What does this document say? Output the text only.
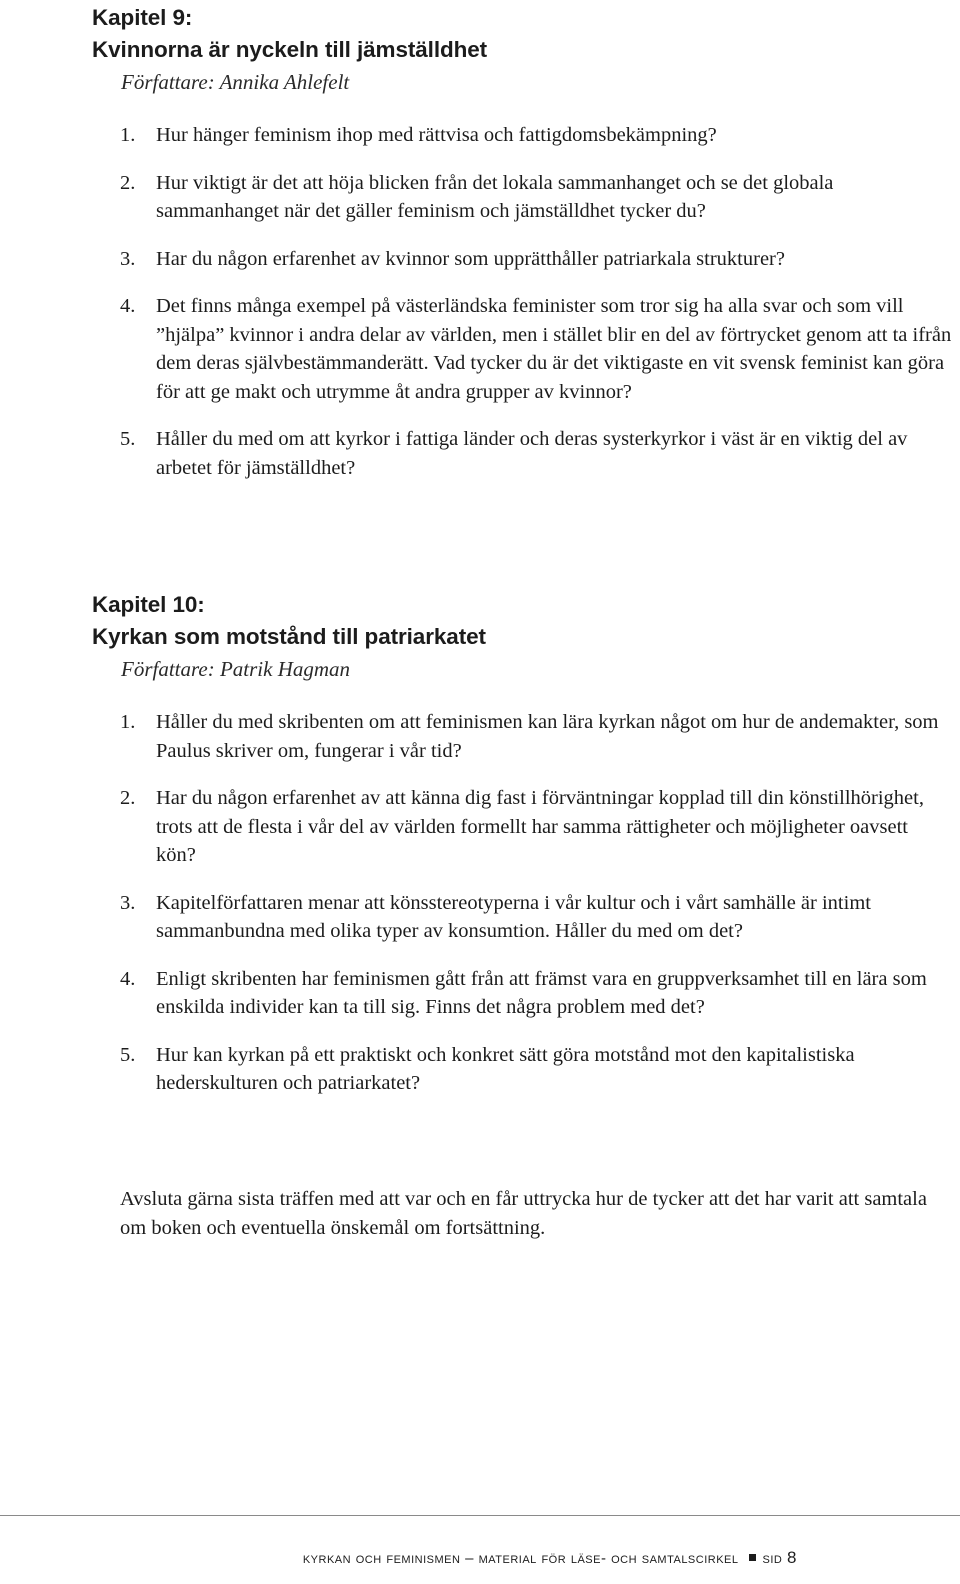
Kapitel 9:
Kvinnorna är nyckeln till jämställdhet
Författare: Annika Ahlefelt
1. Hur hänger feminism ihop med rättvisa och fattigdomsbekämpning?
2. Hur viktigt är det att höja blicken från det lokala sammanhanget och se det globala sammanhanget när det gäller feminism och jämställdhet tycker du?
3. Har du någon erfarenhet av kvinnor som upprätthåller patriarkala strukturer?
4. Det finns många exempel på västerländska feminister som tror sig ha alla svar och som vill ”hjälpa” kvinnor i andra delar av världen, men i stället blir en del av förtrycket genom att ta ifrån dem deras självbestämmanderätt. Vad tycker du är det viktigaste en vit svensk feminist kan göra för att ge makt och utrymme åt andra grupper av kvinnor?
5. Håller du med om att kyrkor i fattiga länder och deras systerkyrkor i väst är en viktig del av arbetet för jämställdhet?
Kapitel 10:
Kyrkan som motstånd till patriarkatet
Författare: Patrik Hagman
1. Håller du med skribenten om att feminismen kan lära kyrkan något om hur de andemakter, som Paulus skriver om, fungerar i vår tid?
2. Har du någon erfarenhet av att känna dig fast i förväntningar kopplad till din könstillhörighet, trots att de flesta i vår del av världen formellt har samma rättigheter och möjligheter oavsett kön?
3. Kapitelförfattaren menar att könsstereotyperna i vår kultur och i vårt samhälle är intimt sammanbundna med olika typer av konsumtion. Håller du med om det?
4. Enligt skribenten har feminismen gått från att främst vara en gruppverksamhet till en lära som enskilda individer kan ta till sig. Finns det några problem med det?
5. Hur kan kyrkan på ett praktiskt och konkret sätt göra motstånd mot den kapitalistiska hederskulturen och patriarkatet?

Avsluta gärna sista träffen med att var och en får uttrycka hur de tycker att det har varit att samtala om boken och eventuella önskemål om fortsättning.

kyrkan och feminismen – material för läse- och samtalscirkel sid 8
